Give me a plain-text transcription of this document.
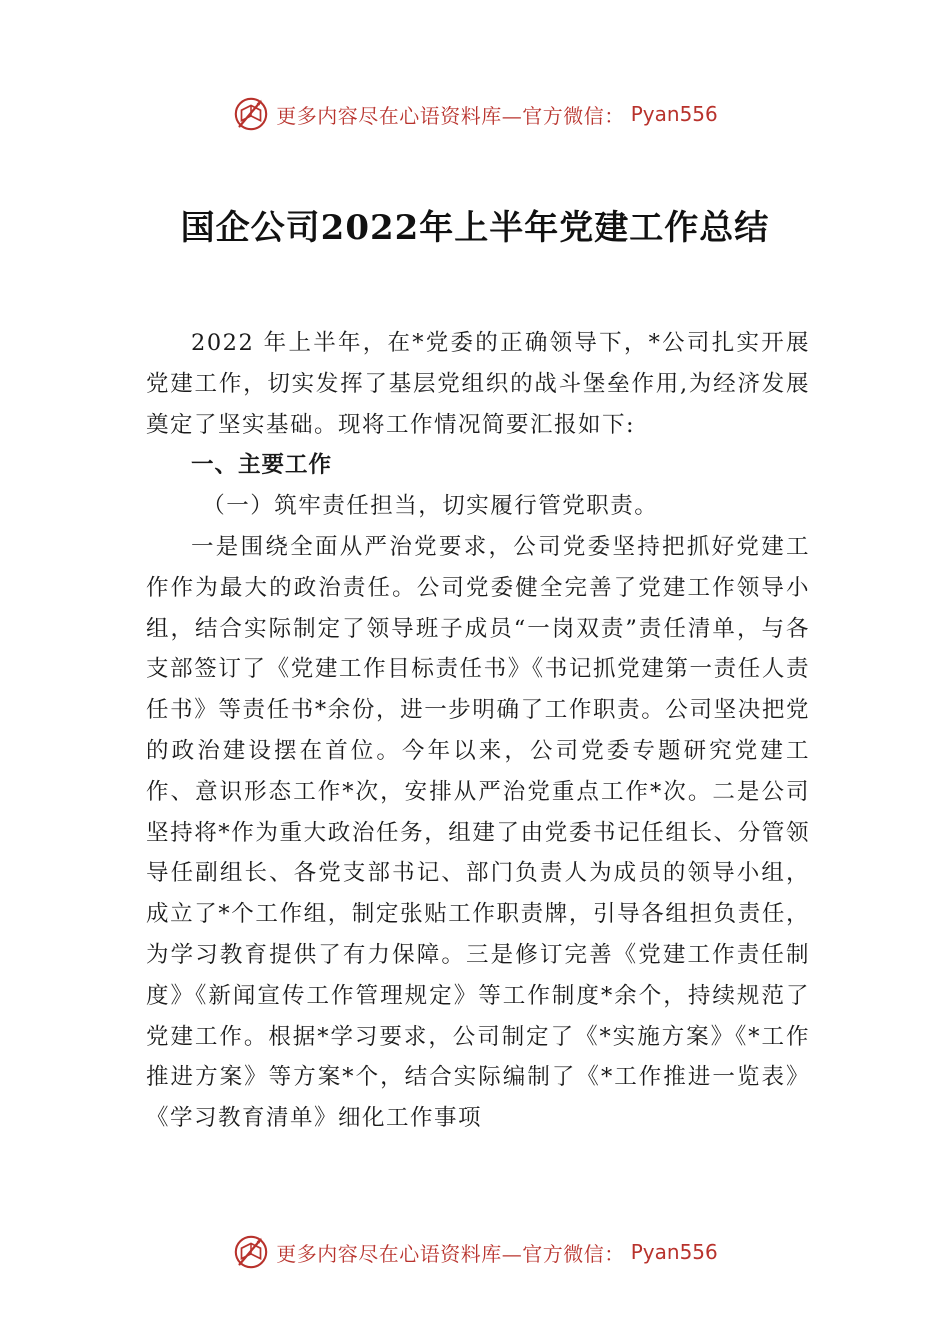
更多内容尽在心语资料库—官方微信： Pyan556
国企公司2022年上半年党建工作总结

2022 年上半年，在*党委的正确领导下，*公司扎实开展党建工作，切实发挥了基层党组织的战斗堡垒作用,为经济发展奠定了坚实基础。现将工作情况简要汇报如下:

一、主要工作
（一）筑牢责任担当，切实履行管党职责。

一是围绕全面从严治党要求，公司党委坚持把抓好党建工作作为最大的政治责任。公司党委健全完善了党建工作领导小组，结合实际制定了领导班子成员“一岗双责”责任清单，与各支部签订了《党建工作目标责任书》《书记抓党建第一责任人责任书》等责任书*余份，进一步明确了工作职责。公司坚决把党的政治建设摆在首位。今年以来，公司党委专题研究党建工作、意识形态工作*次，安排从严治党重点工作*次。二是公司坚持将*作为重大政治任务，组建了由党委书记任组长、分管领导任副组长、各党支部书记、部门负责人为成员的领导小组，成立了*个工作组，制定张贴工作职责牌，引导各组担负责任，为学习教育提供了有力保障。三是修订完善《党建工作责任制度》《新闻宣传工作管理规定》等工作制度*余个，持续规范了党建工作。根据*学习要求，公司制定了《*实施方案》《*工作推进方案》等方案*个，结合实际编制了《*工作推进一览表》《学习教育清单》细化工作事项

更多内容尽在心语资料库—官方微信： Pyan556
